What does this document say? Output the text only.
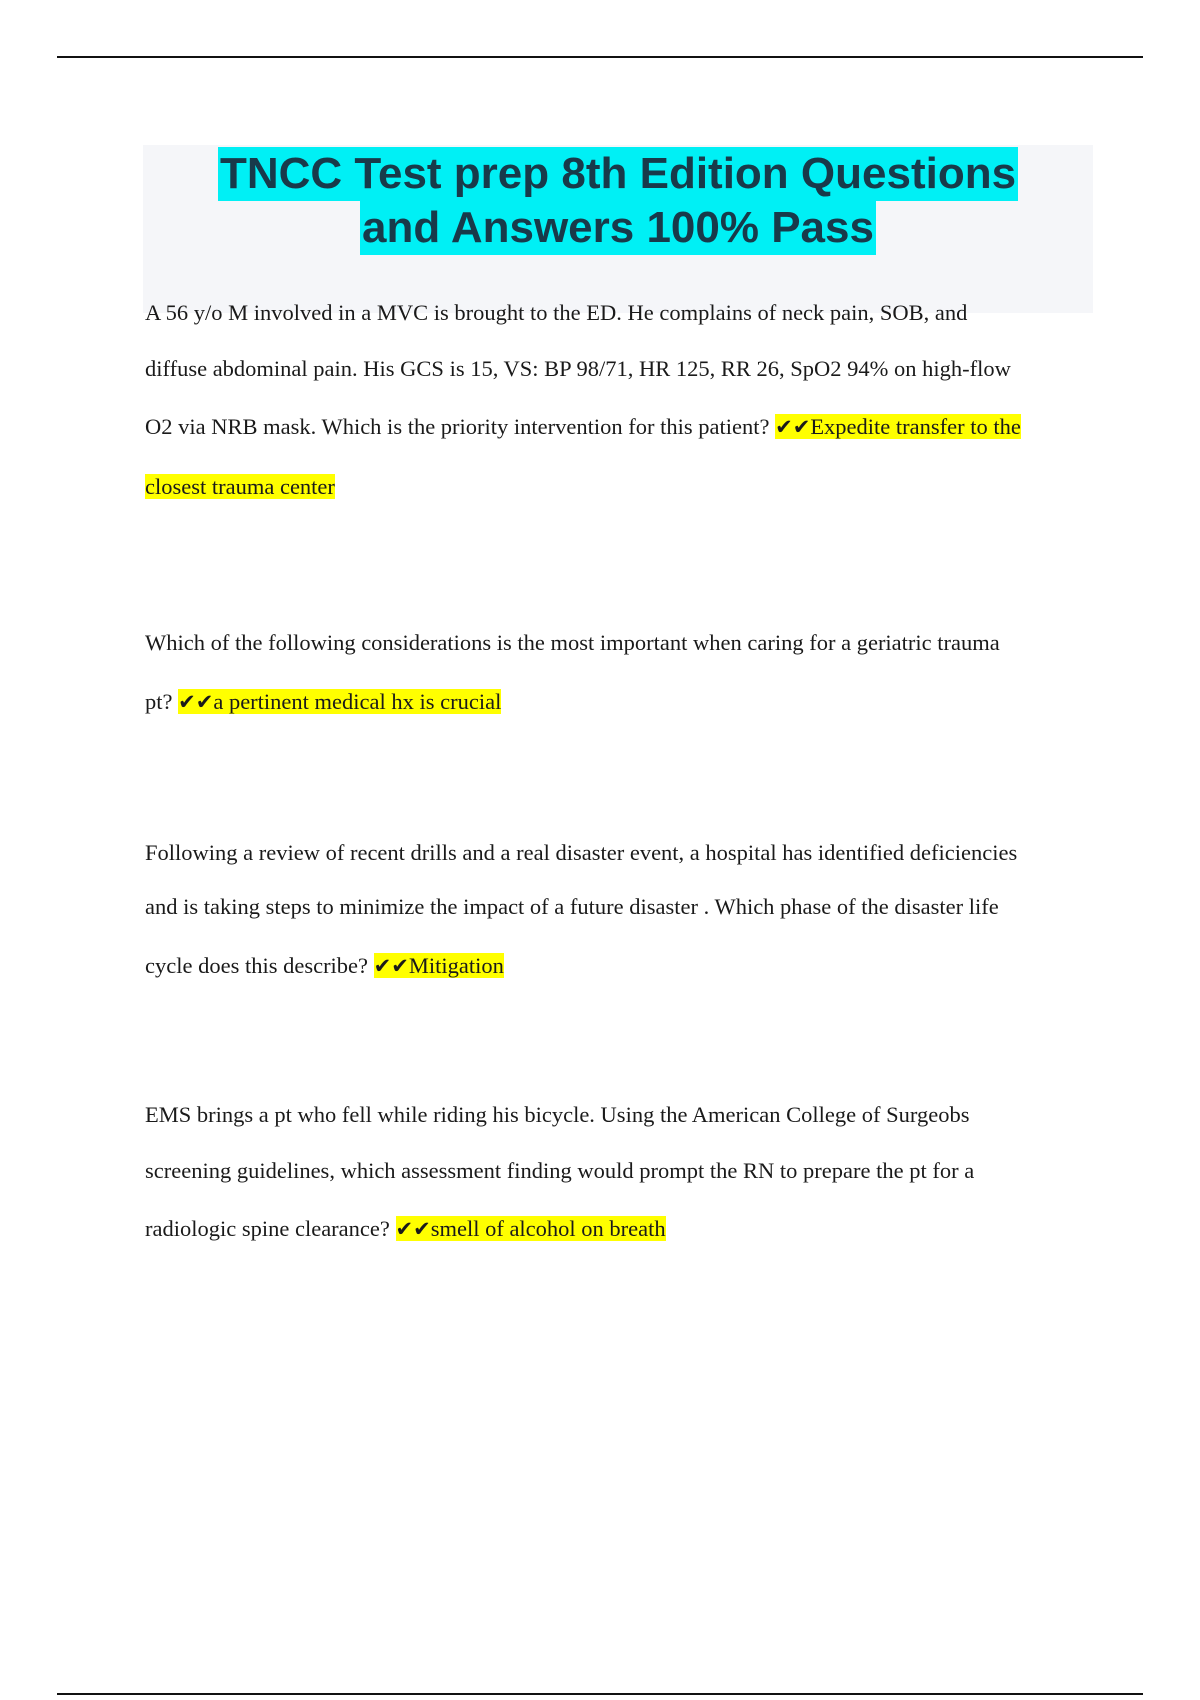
TNCC Test prep 8th Edition Questions
and Answers 100% Pass
A 56 y/o M involved in a MVC is brought to the ED. He complains of neck pain, SOB, and
diffuse abdominal pain. His GCS is 15, VS: BP 98/71, HR 125, RR 26, SpO2 94% on high-flow
O2 via NRB mask. Which is the priority intervention for this patient? ✔✔Expedite transfer to the
closest trauma center
Which of the following considerations is the most important when caring for a geriatric trauma
pt? ✔✔a pertinent medical hx is crucial
Following a review of recent drills and a real disaster event, a hospital has identified deficiencies
and is taking steps to minimize the impact of a future disaster . Which phase of the disaster life
cycle does this describe? ✔✔Mitigation
EMS brings a pt who fell while riding his bicycle. Using the American College of Surgeobs
screening guidelines, which assessment finding would prompt the RN to prepare the pt for a
radiologic spine clearance? ✔✔smell of alcohol on breath
